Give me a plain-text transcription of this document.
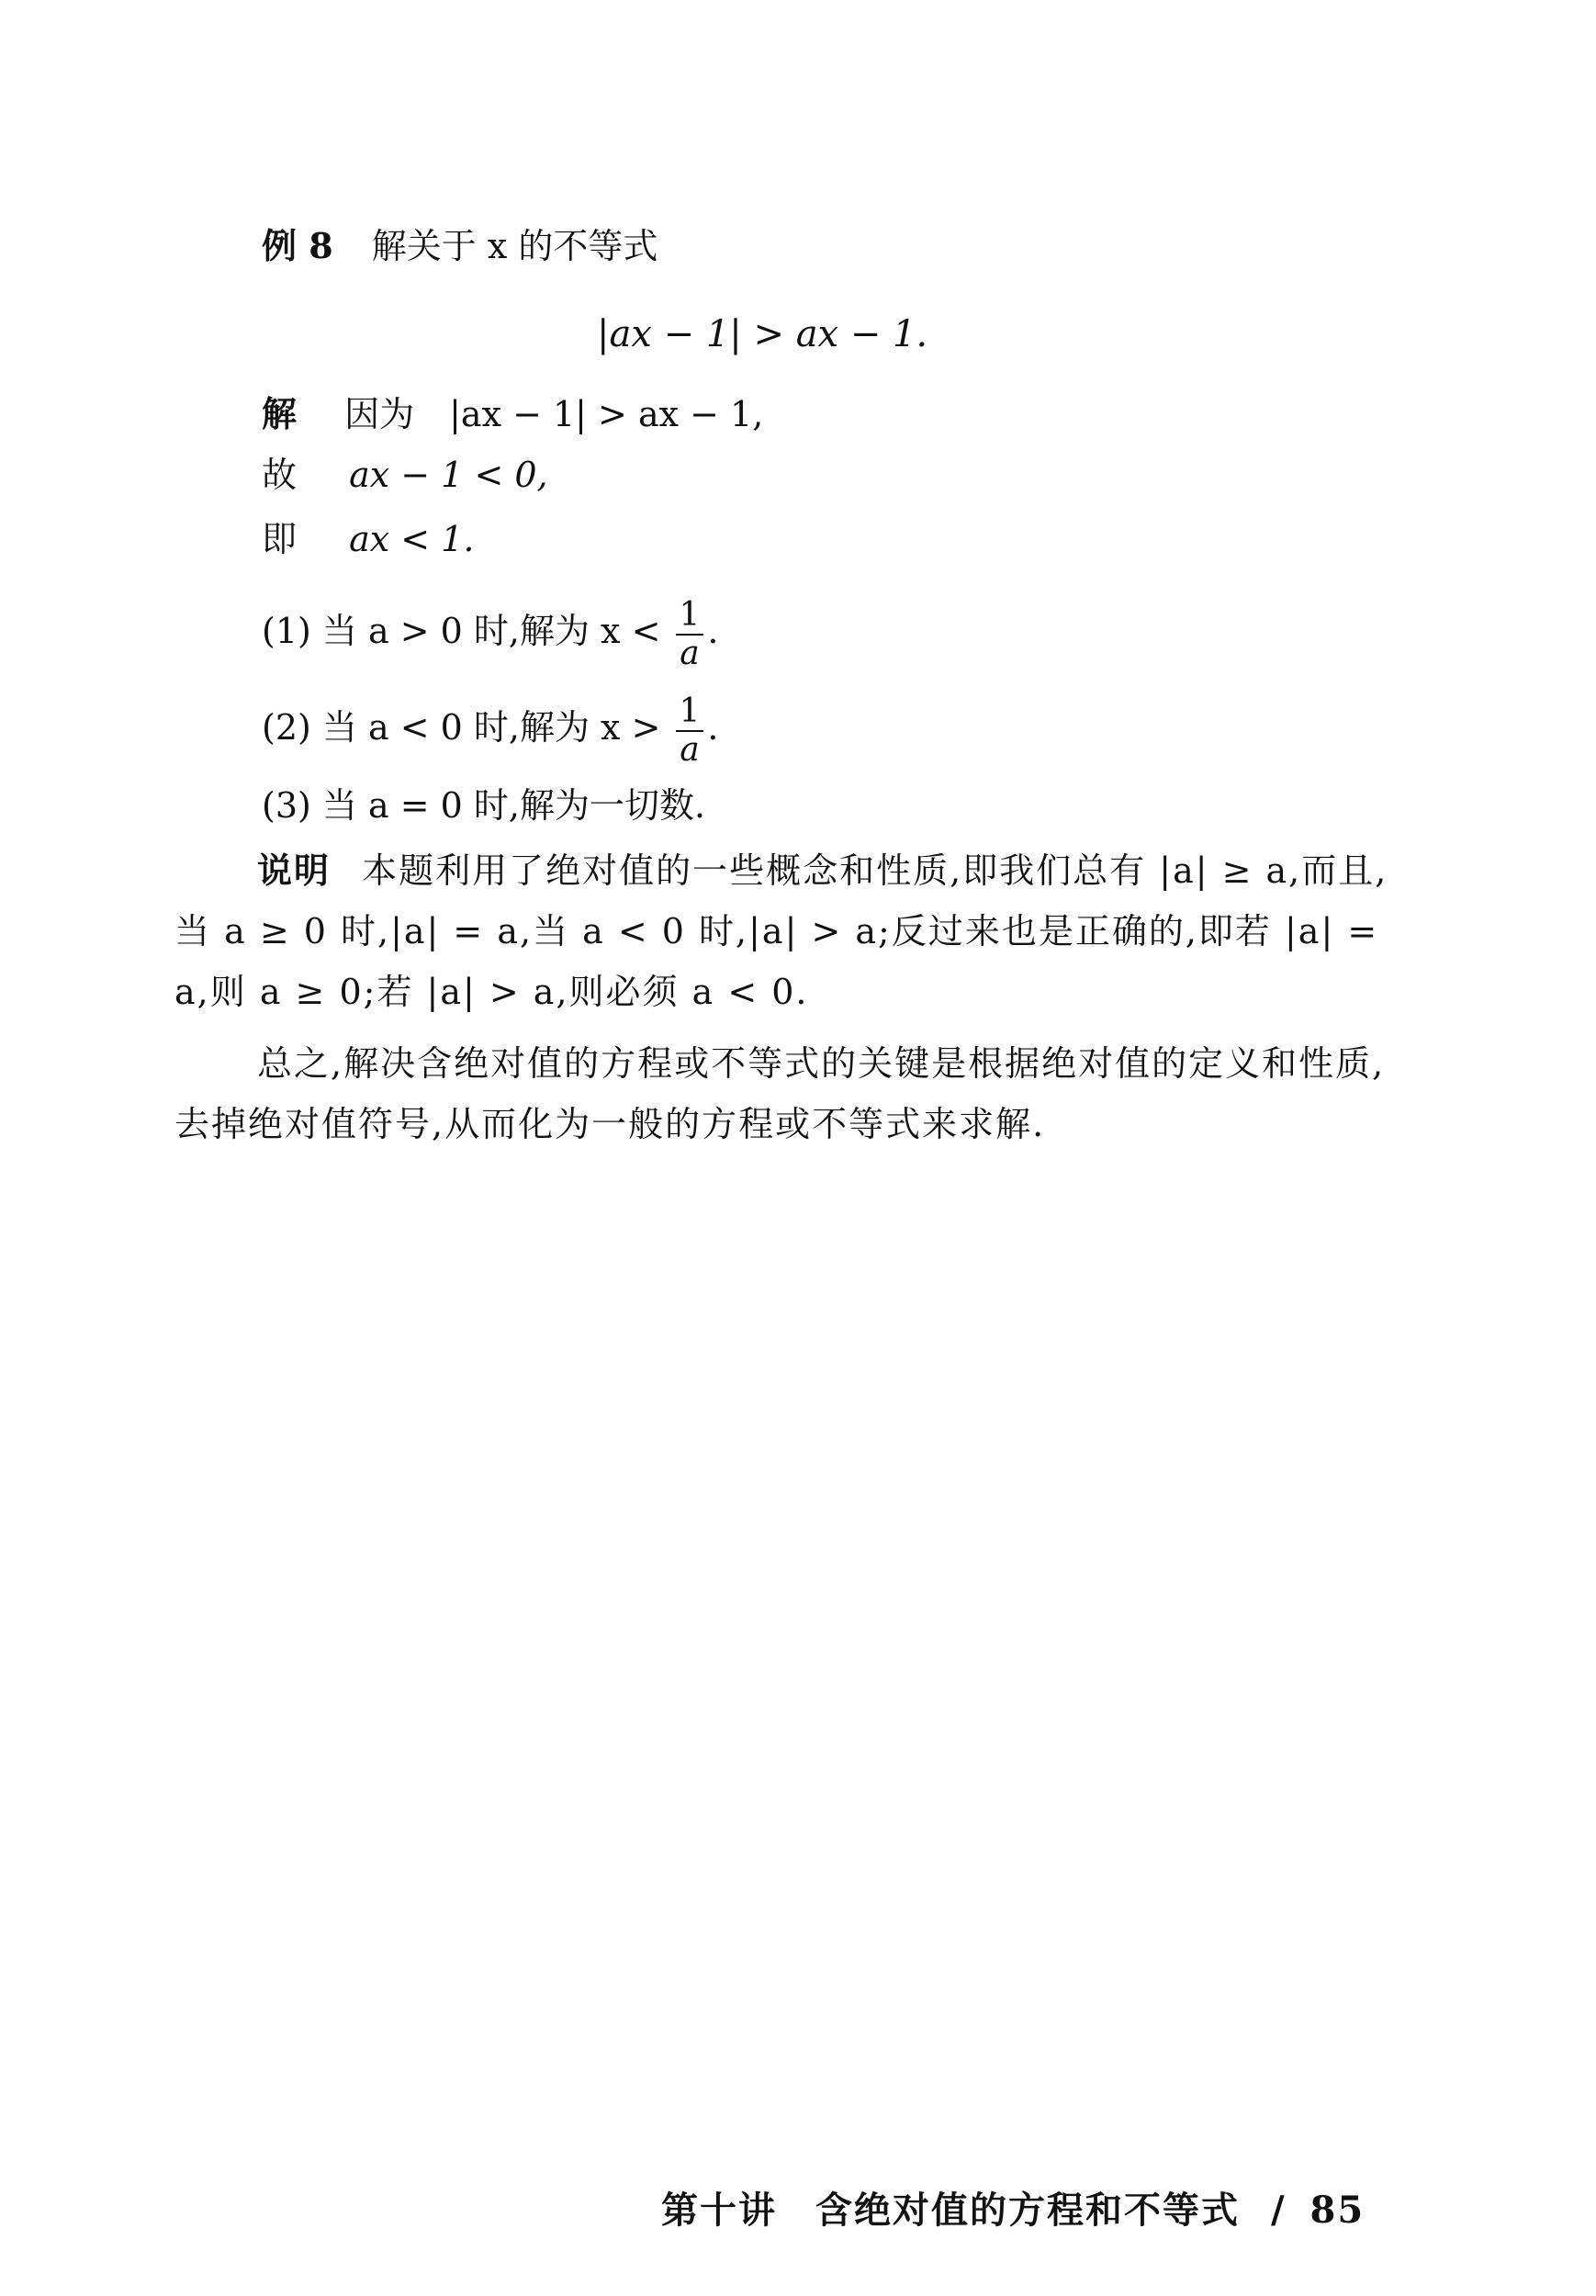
例 8 解关于 x 的不等式
|ax − 1| > ax − 1.
解 因为　|ax − 1| > ax − 1,
故 ax − 1 < 0,
即 ax < 1.
(1) 当 a > 0 时,解为 $x < \frac{1}{a}$ .
(2) 当 a < 0 时,解为 $x > \frac{1}{a}$ .
(3) 当 a = 0 时,解为一切数.
说明 本题利用了绝对值的一些概念和性质,即我们总有 |a| ≥ a,而且,当 a ≥ 0 时,|a| = a,当 a < 0 时,|a| > a;反过来也是正确的,即若 |a| = a,则 a ≥ 0;若 |a| > a,则必须 a < 0.
总之,解决含绝对值的方程或不等式的关键是根据绝对值的定义和性质,去掉绝对值符号,从而化为一般的方程或不等式来求解.
第十讲　含绝对值的方程和不等式 / 85
